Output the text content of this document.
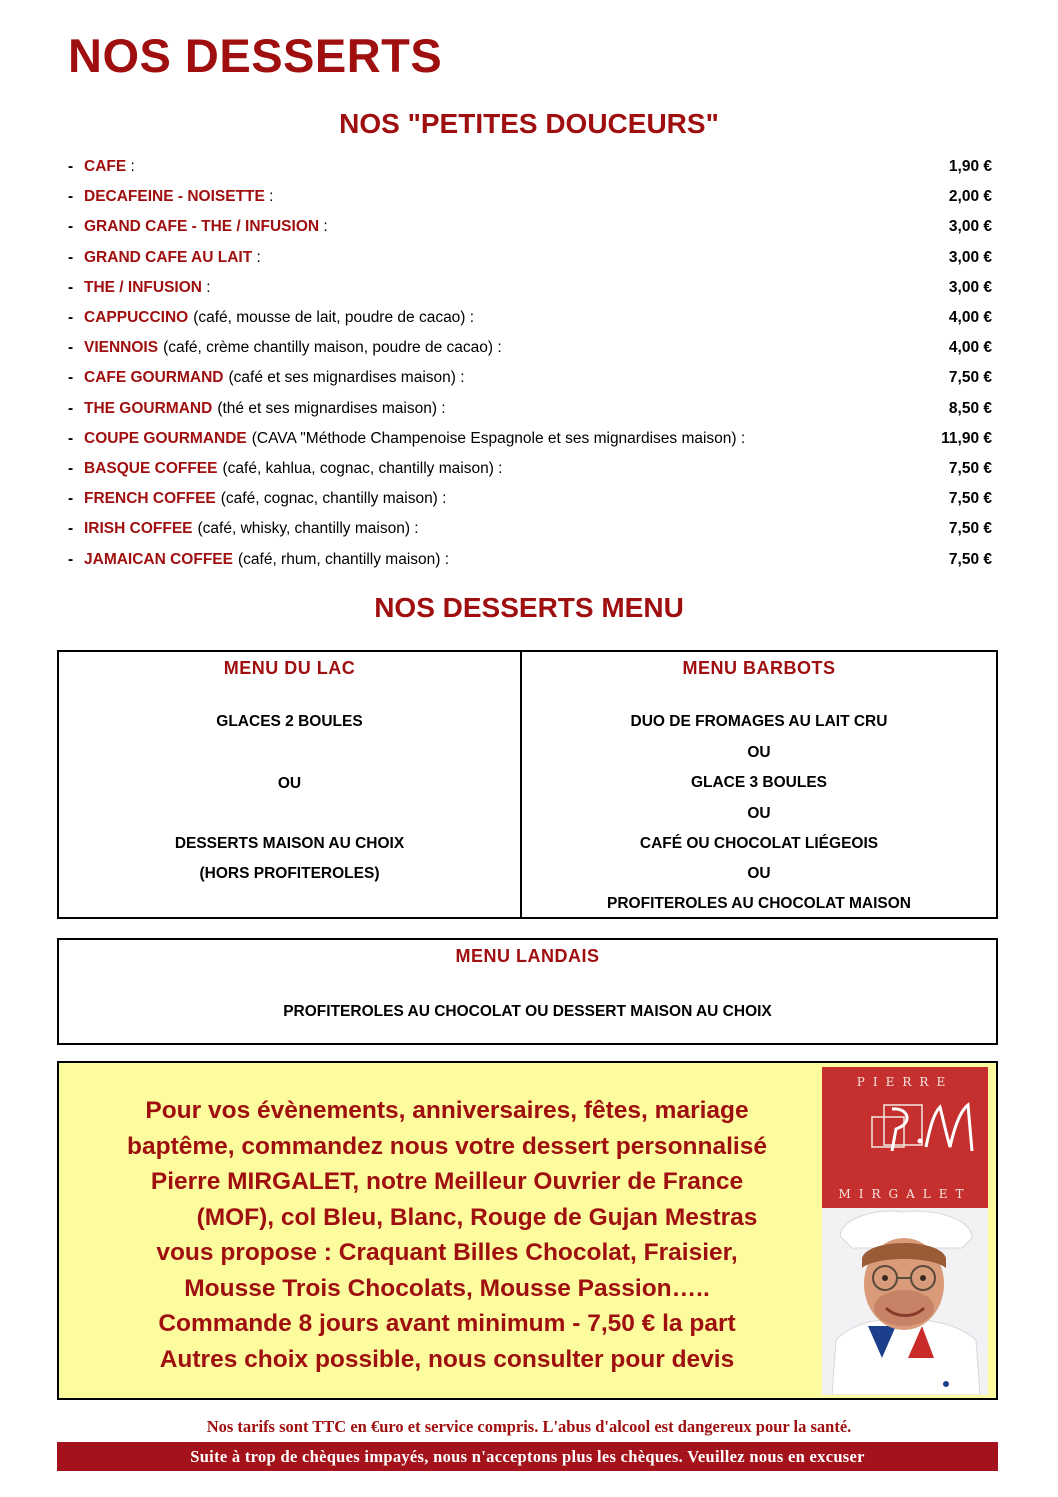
NOS DESSERTS
NOS "PETITES DOUCEURS"
- CAFE :	1,90 €
- DECAFEINE - NOISETTE :	2,00 €
- GRAND CAFE - THE / INFUSION :	3,00 €
- GRAND CAFE AU LAIT :	3,00 €
- THE / INFUSION :	3,00 €
- CAPPUCCINO (café, mousse de lait, poudre de cacao) :	4,00 €
- VIENNOIS (café, crème chantilly maison, poudre de cacao) :	4,00 €
- CAFE GOURMAND (café et ses mignardises maison) :	7,50 €
- THE GOURMAND (thé et ses mignardises maison) :	8,50 €
- COUPE GOURMANDE (CAVA "Méthode Champenoise Espagnole et ses mignardises maison) :	11,90 €
- BASQUE COFFEE (café, kahlua, cognac, chantilly maison) :	7,50 €
- FRENCH COFFEE (café, cognac, chantilly maison) :	7,50 €
- IRISH COFFEE (café, whisky, chantilly maison) :	7,50 €
- JAMAICAN COFFEE (café, rhum, chantilly maison) :	7,50 €
NOS DESSERTS MENU
MENU DU LAC
GLACES 2 BOULES
OU
DESSERTS MAISON AU CHOIX
(HORS PROFITEROLES)
MENU BARBOTS
DUO DE FROMAGES AU LAIT CRU
OU
GLACE 3 BOULES
OU
CAFÉ OU CHOCOLAT LIÉGEOIS
OU
PROFITEROLES AU CHOCOLAT MAISON
MENU LANDAIS
PROFITEROLES AU CHOCOLAT OU DESSERT MAISON AU CHOIX
Pour vos évènements, anniversaires, fêtes, mariage
baptême, commandez nous votre dessert personnalisé
Pierre MIRGALET, notre Meilleur Ouvrier de France
(MOF), col Bleu, Blanc, Rouge de Gujan Mestras
vous propose : Craquant Billes Chocolat, Fraisier,
Mousse Trois Chocolats, Mousse Passion…..
Commande 8 jours avant minimum - 7,50 € la part
Autres choix possible, nous consulter pour devis
PIERRE
MIRGALET
Nos tarifs sont TTC en €uro et service compris. L'abus d'alcool est dangereux pour la santé.
Suite à trop de chèques impayés, nous n'acceptons plus les chèques. Veuillez nous en excuser
